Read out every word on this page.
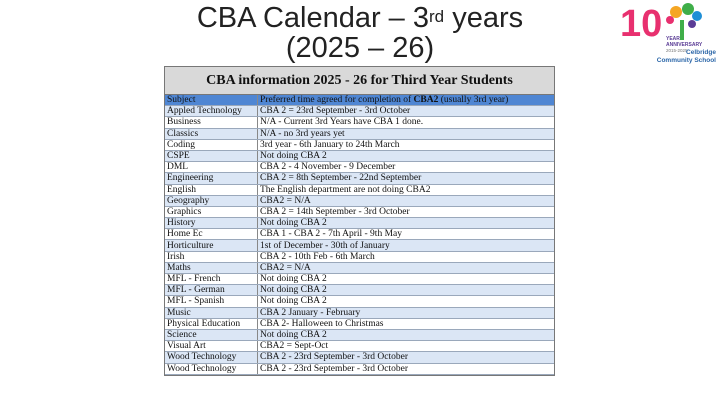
CBA Calendar – 3rd years
(2025 – 26)
10 YEAR
ANNIVERSARY
2015-2025
Celbridge
Community School
CBA information 2025 - 26 for Third Year Students
Subject	Preferred time agreed for completion of CBA2 (usually 3rd year)
Appled Technology	CBA 2 = 23rd September - 3rd October
Business	N/A - Current 3rd Years have CBA 1 done.
Classics	N/A - no 3rd years yet
Coding	3rd year - 6th January to 24th March
CSPE	Not doing CBA 2
DML	CBA 2 - 4 November - 9 December
Engineering	CBA 2 = 8th September - 22nd September
English	The English department are not doing CBA2
Geography	CBA2 = N/A
Graphics	CBA 2 = 14th September - 3rd October
History	Not doing CBA 2
Home Ec	CBA 1 - CBA 2 - 7th April - 9th May
Horticulture	1st of December - 30th of January
Irish	CBA 2 - 10th Feb - 6th March
Maths	CBA2 = N/A
MFL - French	Not doing CBA 2
MFL - German	Not doing CBA 2
MFL - Spanish	Not doing CBA 2
Music	CBA 2 January - February
Physical Education	CBA 2- Halloween to Christmas
Science	Not doing CBA 2
Visual Art	CBA2 = Sept-Oct
Wood Technology	CBA 2 - 23rd September - 3rd October
Wood Technology	CBA 2 - 23rd September - 3rd October
